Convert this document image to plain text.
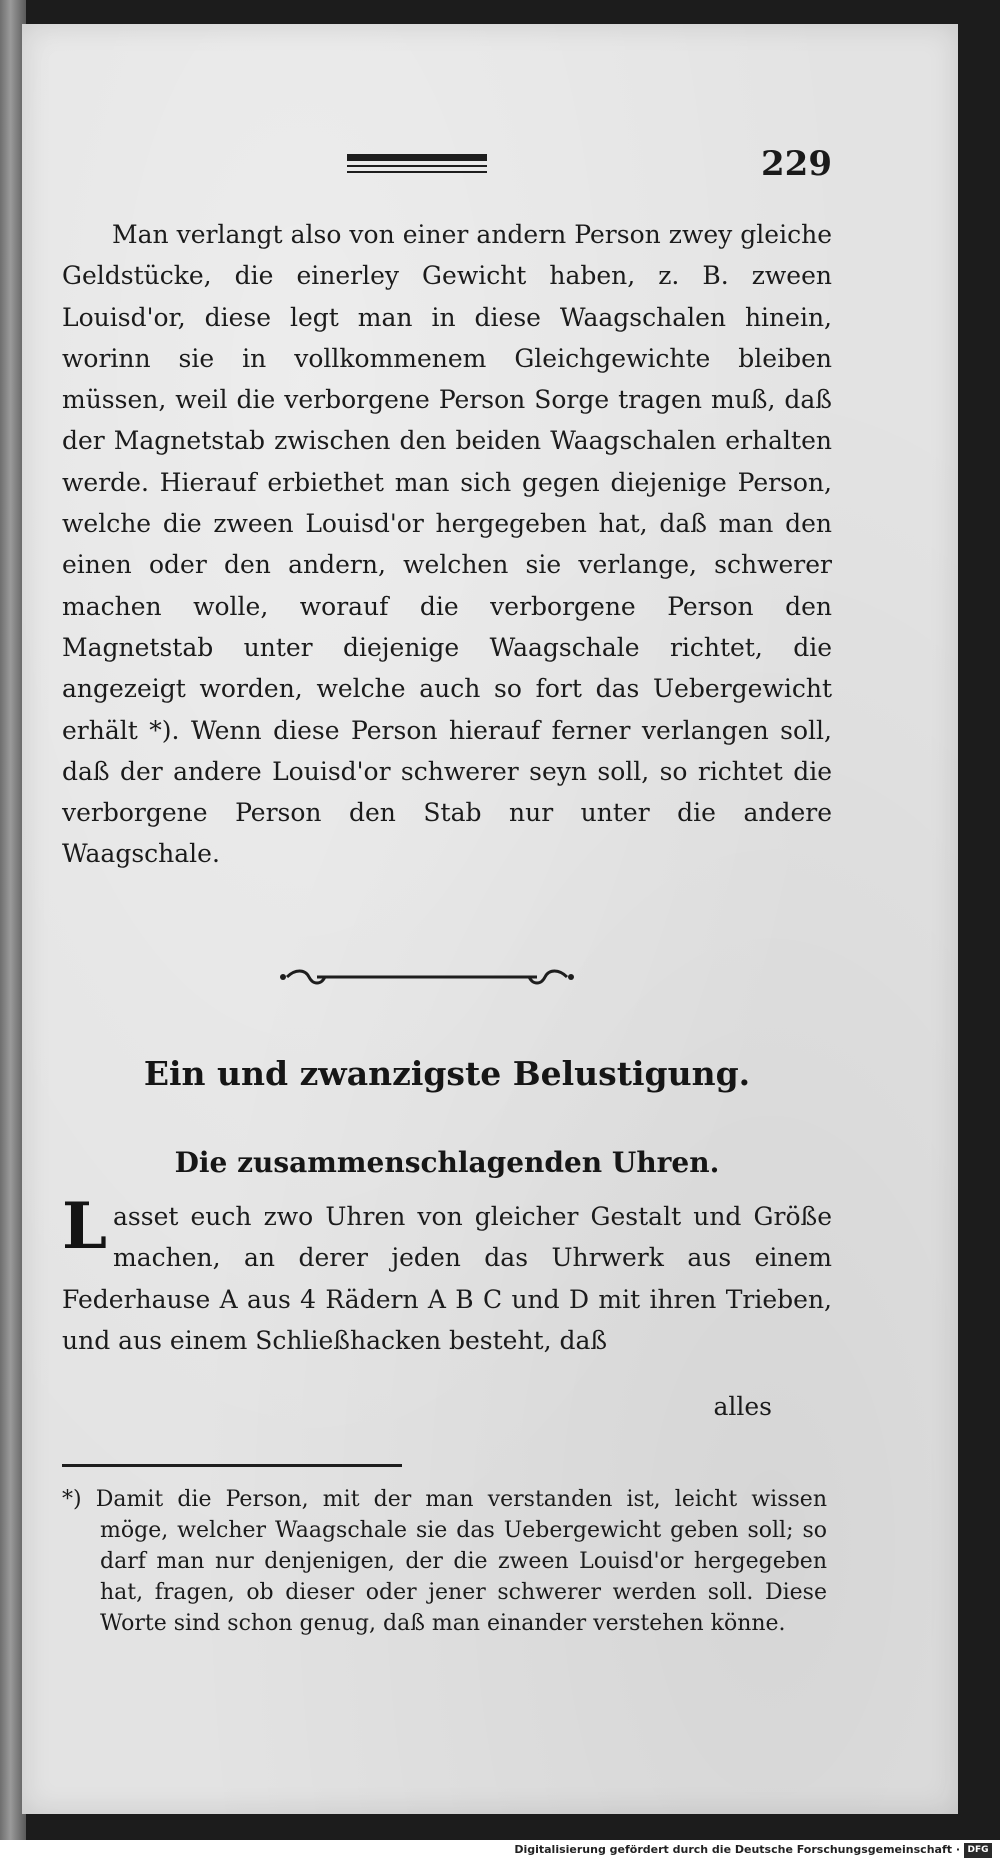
229

Man verlangt also von einer andern Person zwey gleiche Geldstücke, die einerley Gewicht haben, z. B. zween Louisd'or, diese legt man in diese Waagschalen hinein, worinn sie in vollkommenem Gleichgewichte bleiben müssen, weil die verborgene Person Sorge tragen muß, daß der Magnetstab zwischen den beiden Waagschalen erhalten werde. Hierauf erbiethet man sich gegen diejenige Person, welche die zween Louisd'or hergegeben hat, daß man den einen oder den andern, welchen sie verlange, schwerer machen wolle, worauf die verborgene Person den Magnetstab unter diejenige Waagschale richtet, die angezeigt worden, welche auch so fort das Uebergewicht erhält *). Wenn diese Person hierauf ferner verlangen soll, daß der andere Louisd'or schwerer seyn soll, so richtet die verborgene Person den Stab nur unter die andere Waagschale.

Ein und zwanzigste Belustigung.
Die zusammenschlagenden Uhren.

L asset euch zwo Uhren von gleicher Gestalt und Größe machen, an derer jeden das Uhrwerk aus einem Federhause A aus 4 Rädern A B C und D mit ihren Trieben, und aus einem Schließhacken besteht, daß

alles

*) Damit die Person, mit der man verstanden ist, leicht wissen möge, welcher Waagschale sie das Uebergewicht geben soll; so darf man nur denjenigen, der die zween Louisd'or hergegeben hat, fragen, ob dieser oder jener schwerer werden soll. Diese Worte sind schon genug, daß man einander verstehen könne.

Digitalisierung gefördert durch die Deutsche Forschungsgemeinschaft · DFG
